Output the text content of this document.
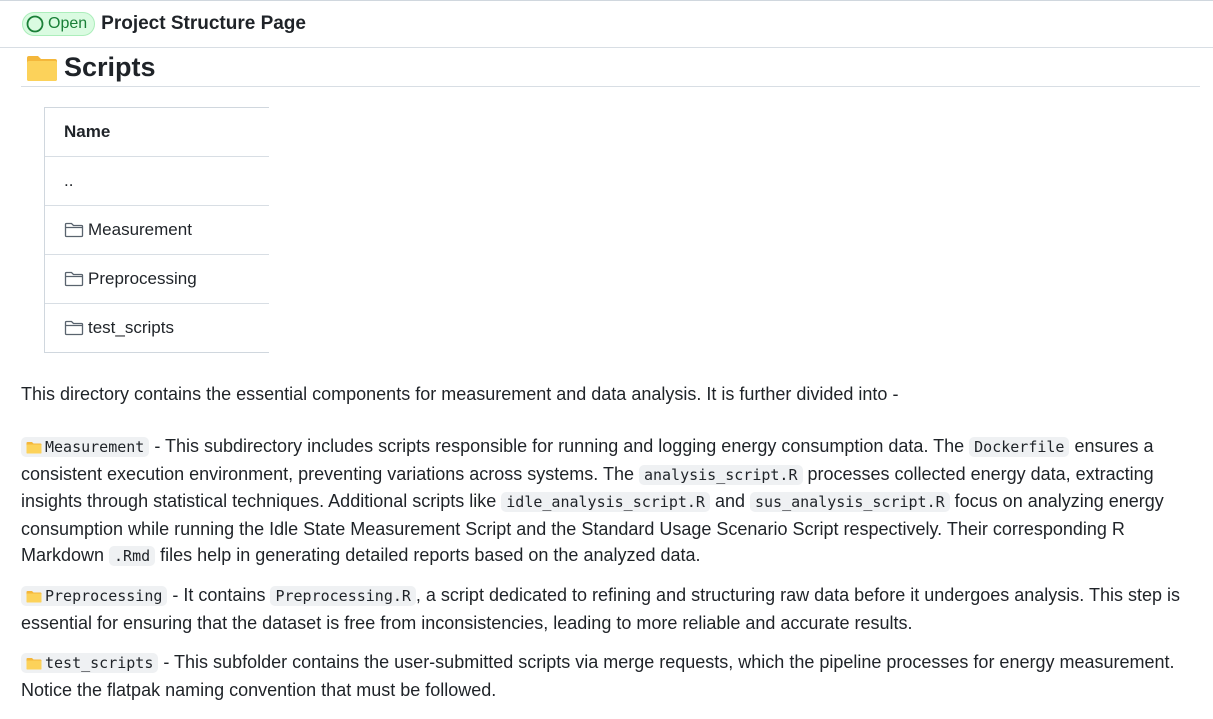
Open Project Structure Page
Scripts
Name
..
Measurement
Preprocessing
test_scripts

This directory contains the essential components for measurement and data analysis. It is further divided into -

Measurement - This subdirectory includes scripts responsible for running and logging energy consumption data. The Dockerfile ensures a consistent execution environment, preventing variations across systems. The analysis_script.R processes collected energy data, extracting insights through statistical techniques. Additional scripts like idle_analysis_script.R and sus_analysis_script.R focus on analyzing energy consumption while running the Idle State Measurement Script and the Standard Usage Scenario Script respectively. Their corresponding R Markdown .Rmd files help in generating detailed reports based on the analyzed data.

Preprocessing - It contains Preprocessing.R , a script dedicated to refining and structuring raw data before it undergoes analysis. This step is essential for ensuring that the dataset is free from inconsistencies, leading to more reliable and accurate results.

test_scripts - This subfolder contains the user-submitted scripts via merge requests, which the pipeline processes for energy measurement. Notice the flatpak naming convention that must be followed.
